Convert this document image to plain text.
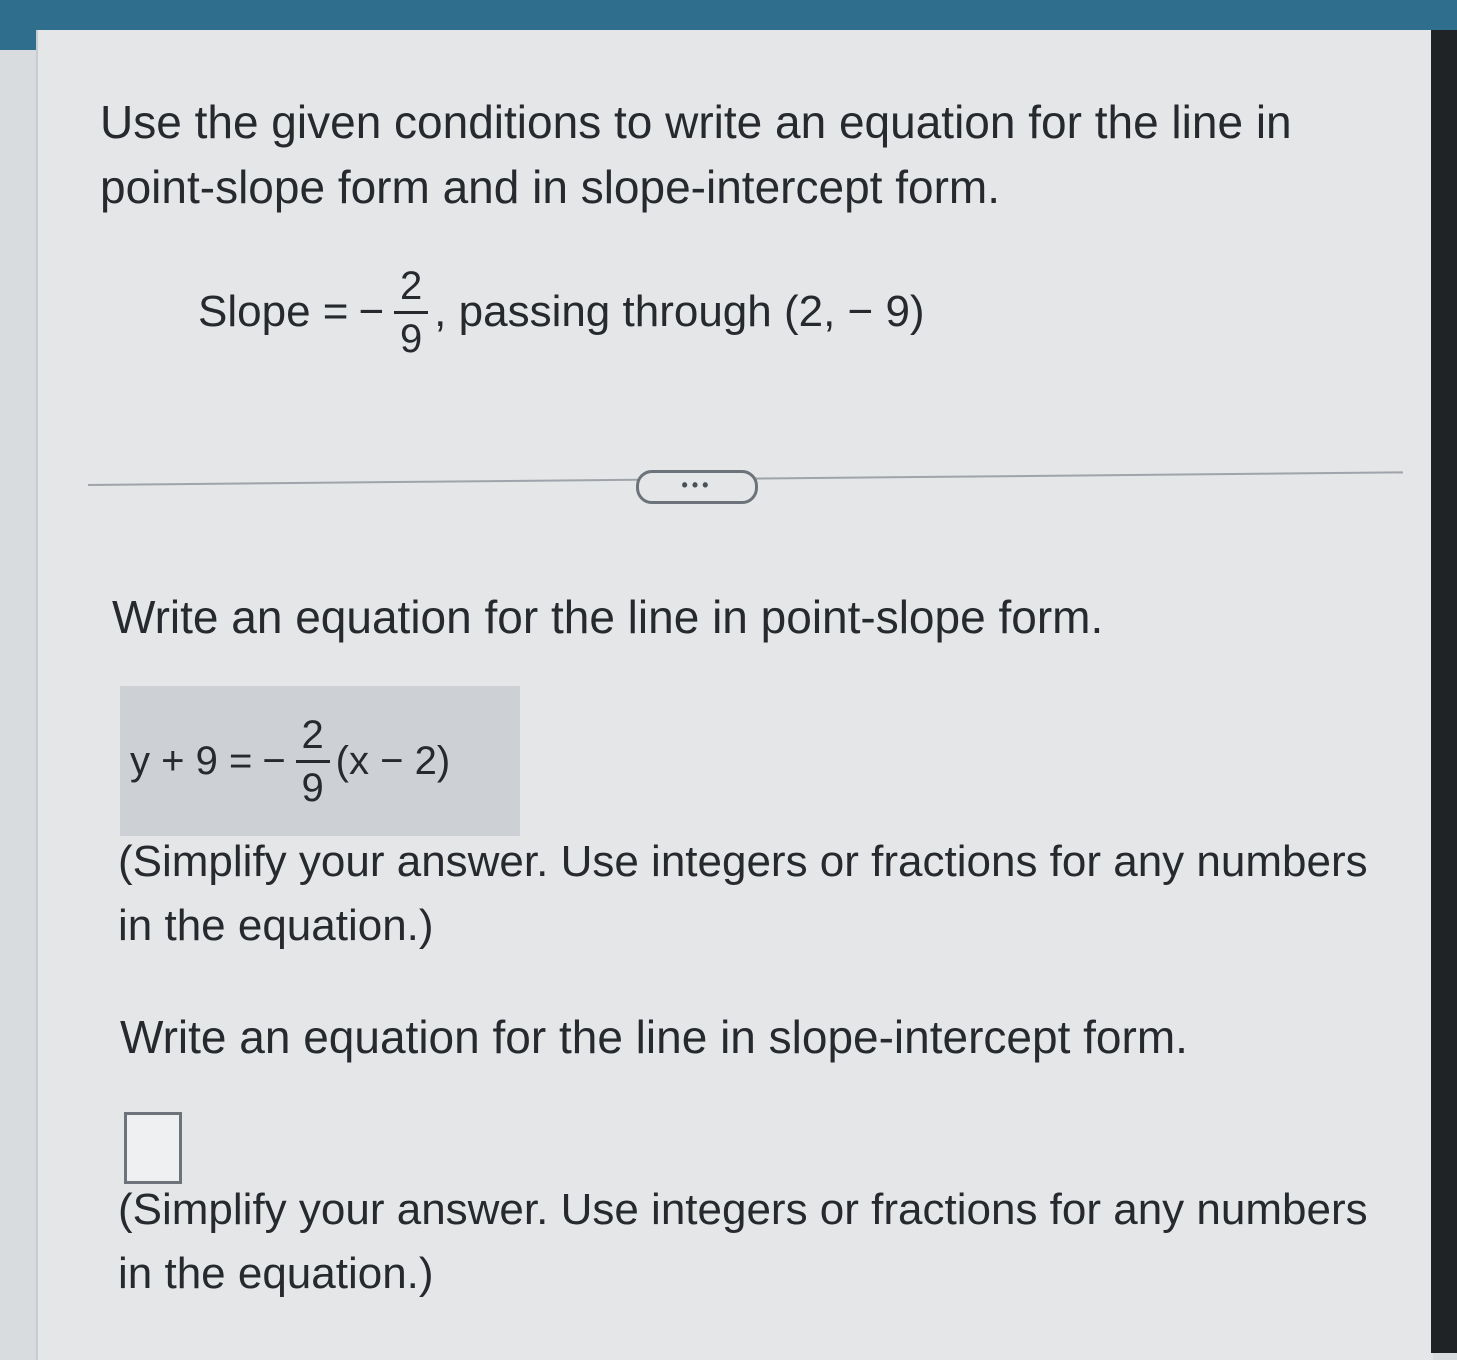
Use the given conditions to write an equation for the line in point-slope form and in slope-intercept form.

Slope = − $\frac{2}{9}$ , passing through (2, − 9)
•••
Write an equation for the line in point-slope form.
y + 9 = − $\frac{2}{9} (x - 2)$

(Simplify your answer. Use integers or fractions for any numbers in the equation.)

Write an equation for the line in slope-intercept form.

(Simplify your answer. Use integers or fractions for any numbers in the equation.)
